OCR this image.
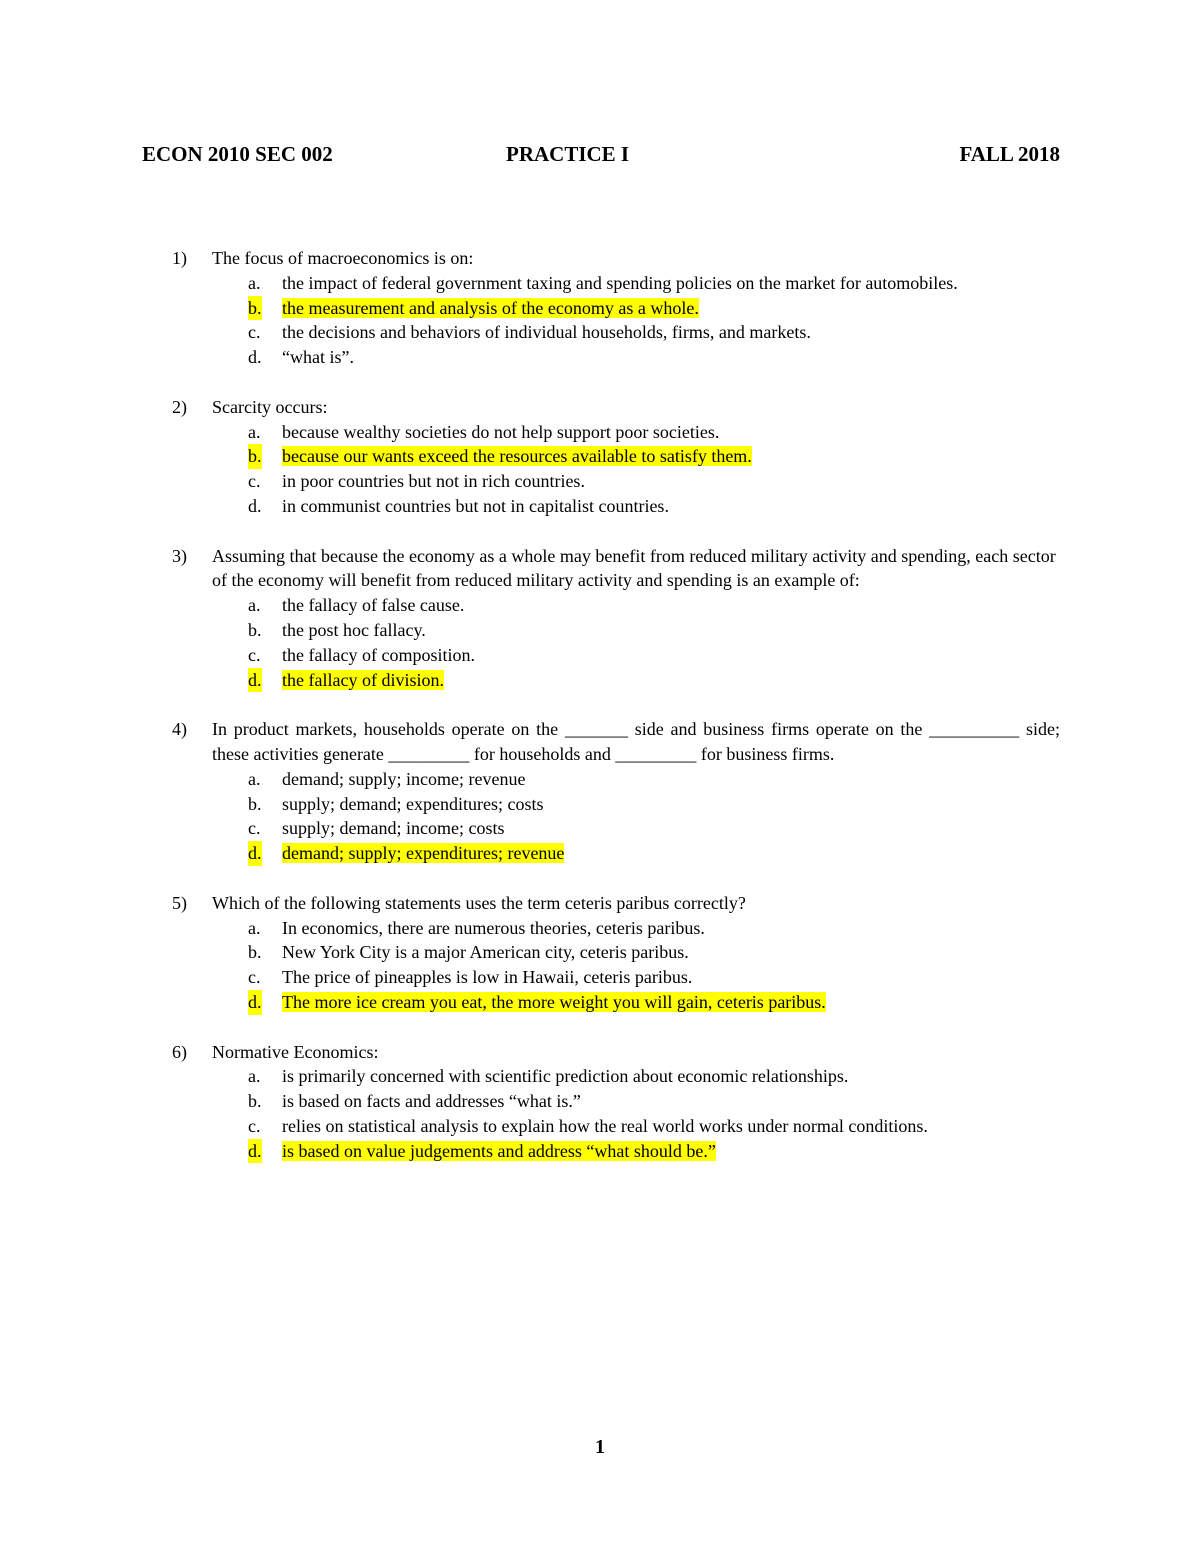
ECON 2010 SEC 002	PRACTICE I	FALL 2018
1) The focus of macroeconomics is on:
a. the impact of federal government taxing and spending policies on the market for automobiles.
b. the measurement and analysis of the economy as a whole.
c. the decisions and behaviors of individual households, firms, and markets.
d. “what is”.
2) Scarcity occurs:
a. because wealthy societies do not help support poor societies.
b. because our wants exceed the resources available to satisfy them.
c. in poor countries but not in rich countries.
d. in communist countries but not in capitalist countries.
3) Assuming that because the economy as a whole may benefit from reduced military activity and spending, each sector of the economy will benefit from reduced military activity and spending is an example of:
a. the fallacy of false cause.
b. the post hoc fallacy.
c. the fallacy of composition.
d. the fallacy of division.
4) In product markets, households operate on the _______ side and business firms operate on the __________ side; these activities generate _________ for households and _________ for business firms.
a. demand; supply; income; revenue
b. supply; demand; expenditures; costs
c. supply; demand; income; costs
d. demand; supply; expenditures; revenue
5) Which of the following statements uses the term ceteris paribus correctly?
a. In economics, there are numerous theories, ceteris paribus.
b. New York City is a major American city, ceteris paribus.
c. The price of pineapples is low in Hawaii, ceteris paribus.
d. The more ice cream you eat, the more weight you will gain, ceteris paribus.
6) Normative Economics:
a. is primarily concerned with scientific prediction about economic relationships.
b. is based on facts and addresses “what is.”
c. relies on statistical analysis to explain how the real world works under normal conditions.
d. is based on value judgements and address “what should be.”
1
